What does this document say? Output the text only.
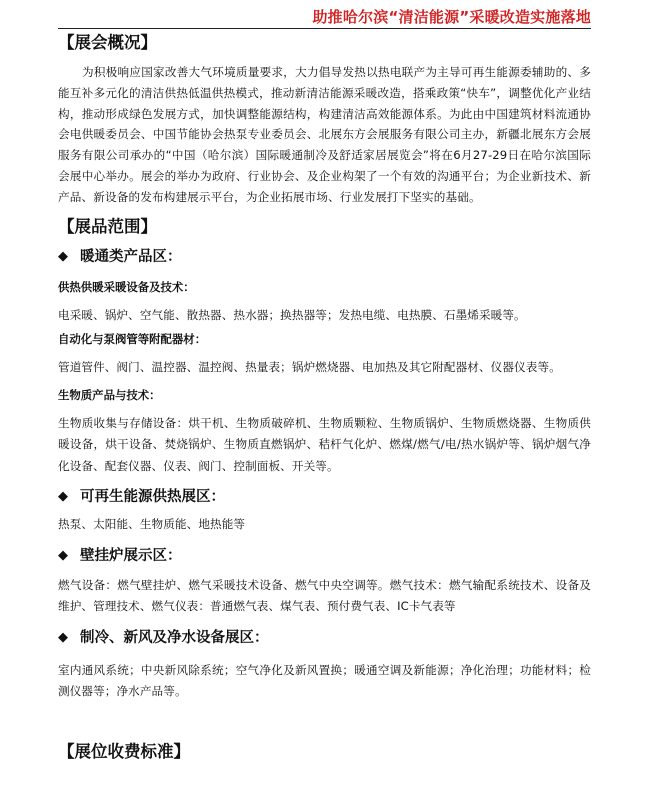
助推哈尔滨“清洁能源”采暖改造实施落地
【展会概况】

为积极响应国家改善大气环境质量要求，大力倡导发热以热电联产为主导可再生能源委辅助的、多能互补多元化的清洁供热低温供热模式，推动新清洁能源采暖改造，搭乘政策“快车”，调整优化产业结构，推动形成绿色发展方式，加快调整能源结构，构建清洁高效能源体系。为此由中国建筑材料流通协会电供暖委员会、中国节能协会热泵专业委员会、北展东方会展服务有限公司主办，新疆北展东方会展服务有限公司承办的“中国（哈尔滨）国际暖通制冷及舒适家居展览会”将在6月27-29日在哈尔滨国际会展中心举办。展会的举办为政府、行业协会、及企业构架了一个有效的沟通平台；为企业新技术、新产品、新设备的发布构建展示平台，为企业拓展市场、行业发展打下坚实的基础。

【展品范围】
◆ 暖通类产品区：
供热供暖采暖设备及技术：
电采暖、锅炉、空气能、散热器、热水器；换热器等；发热电缆、电热膜、石墨烯采暖等。
自动化与泵阀管等附配器材：
管道管件、阀门、温控器、温控阀、热量表；锅炉燃烧器、电加热及其它附配器材、仪器仪表等。
生物质产品与技术：
生物质收集与存储设备：烘干机、生物质破碎机、生物质颗粒、生物质锅炉、生物质燃烧器、生物质供暖设备，烘干设备、焚烧锅炉、生物质直燃锅炉、秸杆气化炉、燃煤/燃气/电/热水锅炉等、锅炉烟气净化设备、配套仪器、仪表、阀门、控制面板、开关等。
◆ 可再生能源供热展区：
热泵、太阳能、生物质能、地热能等
◆ 壁挂炉展示区：
燃气设备：燃气壁挂炉、燃气采暖技术设备、燃气中央空调等。燃气技术：燃气输配系统技术、设备及维护、管理技术、燃气仪表：普通燃气表、煤气表、预付费气表、IC卡气表等
◆ 制冷、新风及净水设备展区：
室内通风系统；中央新风除系统；空气净化及新风置换；暖通空调及新能源；净化治理；功能材料；检测仪器等；净水产品等。
【展位收费标准】
